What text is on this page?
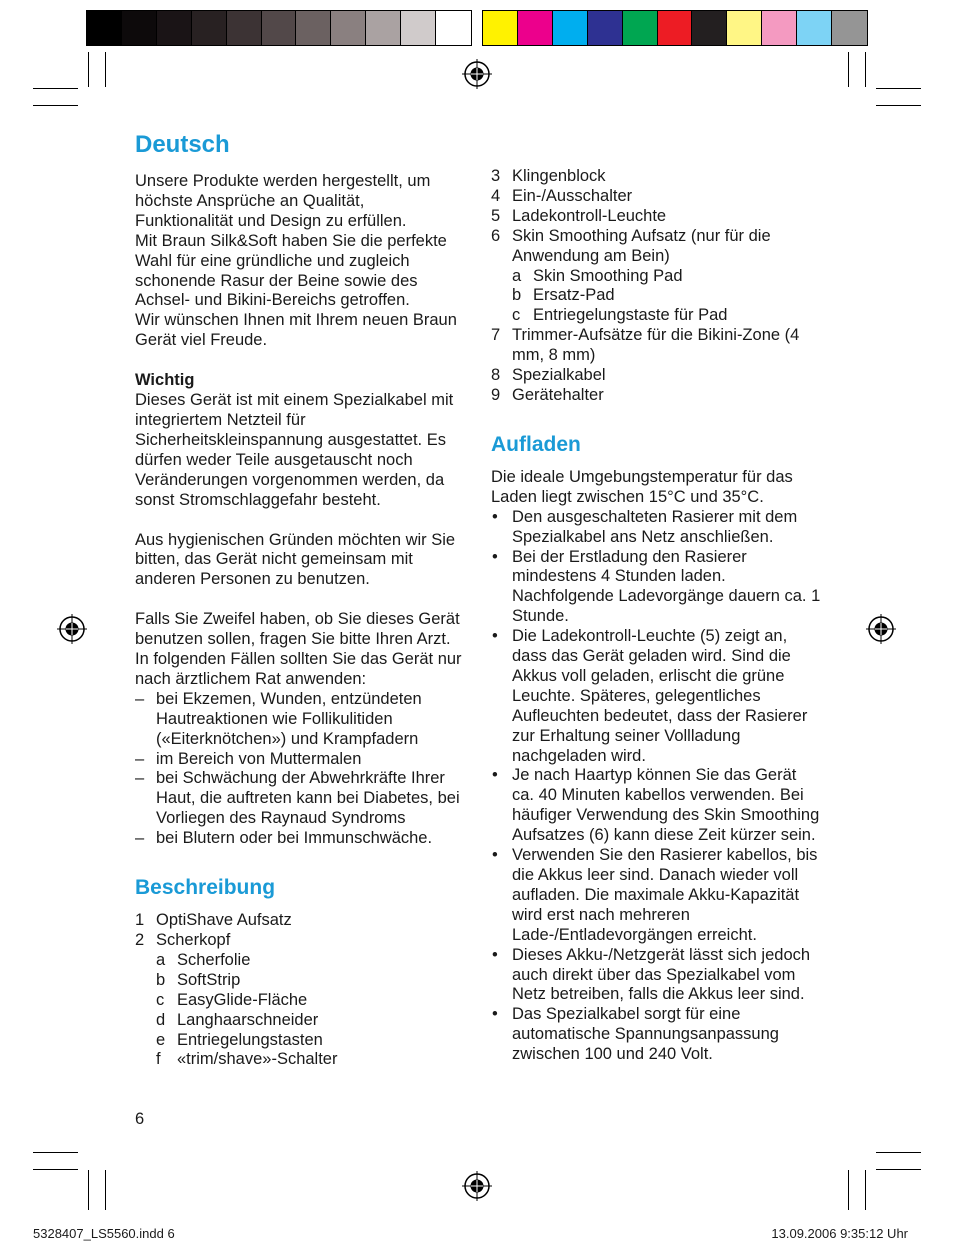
Deutsch

Unsere Produkte werden hergestellt, um höchste Ansprüche an Qualität, Funktionalität und Design zu erfüllen.

Mit Braun Silk&Soft haben Sie die perfekte Wahl für eine gründliche und zugleich schonende Rasur der Beine sowie des Achsel- und Bikini-Bereichs getroffen.

Wir wünschen Ihnen mit Ihrem neuen Braun Gerät viel Freude.

Wichtig

Dieses Gerät ist mit einem Spezialkabel mit integriertem Netzteil für Sicherheitskleinspannung ausgestattet. Es dürfen weder Teile ausgetauscht noch Veränderungen vorgenommen werden, da sonst Stromschlaggefahr besteht.

Aus hygienischen Gründen möchten wir Sie bitten, das Gerät nicht gemeinsam mit anderen Personen zu benutzen.

Falls Sie Zweifel haben, ob Sie dieses Gerät benutzen sollen, fragen Sie bitte Ihren Arzt. In folgenden Fällen sollten Sie das Gerät nur nach ärztlichem Rat anwenden:

– bei Ekzemen, Wunden, entzündeten Hautreaktionen wie Follikulitiden («Eiterknötchen») und Krampfadern
– im Bereich von Muttermalen
– bei Schwächung der Abwehrkräfte Ihrer Haut, die auftreten kann bei Diabetes, bei Vorliegen des Raynaud Syndroms
– bei Blutern oder bei Immunschwäche.
Beschreibung
1 OptiShave Aufsatz
2 Scherkopf
a Scherfolie
b SoftStrip
c EasyGlide-Fläche
d Langhaarschneider
e Entriegelungstasten
f «trim/shave»-Schalter
6
3 Klingenblock
4 Ein-/Ausschalter
5 Ladekontroll-Leuchte
6 Skin Smoothing Aufsatz (nur für die Anwendung am Bein)
a Skin Smoothing Pad
b Ersatz-Pad
c Entriegelungstaste für Pad
7 Trimmer-Aufsätze für die Bikini-Zone (4 mm, 8 mm)
8 Spezialkabel
9 Gerätehalter
Aufladen

Die ideale Umgebungstemperatur für das Laden liegt zwischen 15°C und 35°C.

• Den ausgeschalteten Rasierer mit dem Spezialkabel ans Netz anschließen.
• Bei der Erstladung den Rasierer mindestens 4 Stunden laden. Nachfolgende Ladevorgänge dauern ca. 1 Stunde.
• Die Ladekontroll-Leuchte (5) zeigt an, dass das Gerät geladen wird. Sind die Akkus voll geladen, erlischt die grüne Leuchte. Späteres, gelegentliches Aufleuchten bedeutet, dass der Rasierer zur Erhaltung seiner Vollladung nachgeladen wird.
• Je nach Haartyp können Sie das Gerät ca. 40 Minuten kabellos verwenden. Bei häufiger Verwendung des Skin Smoothing Aufsatzes (6) kann diese Zeit kürzer sein.
• Verwenden Sie den Rasierer kabellos, bis die Akkus leer sind. Danach wieder voll aufladen. Die maximale Akku-Kapazität wird erst nach mehreren Lade-/Entladevorgängen erreicht.
• Dieses Akku-/Netzgerät lässt sich jedoch auch direkt über das Spezialkabel vom Netz betreiben, falls die Akkus leer sind.
• Das Spezialkabel sorgt für eine automatische Spannungsanpassung zwischen 100 und 240 Volt.
5328407_LS5560.indd 6	13.09.2006 9:35:12 Uhr
